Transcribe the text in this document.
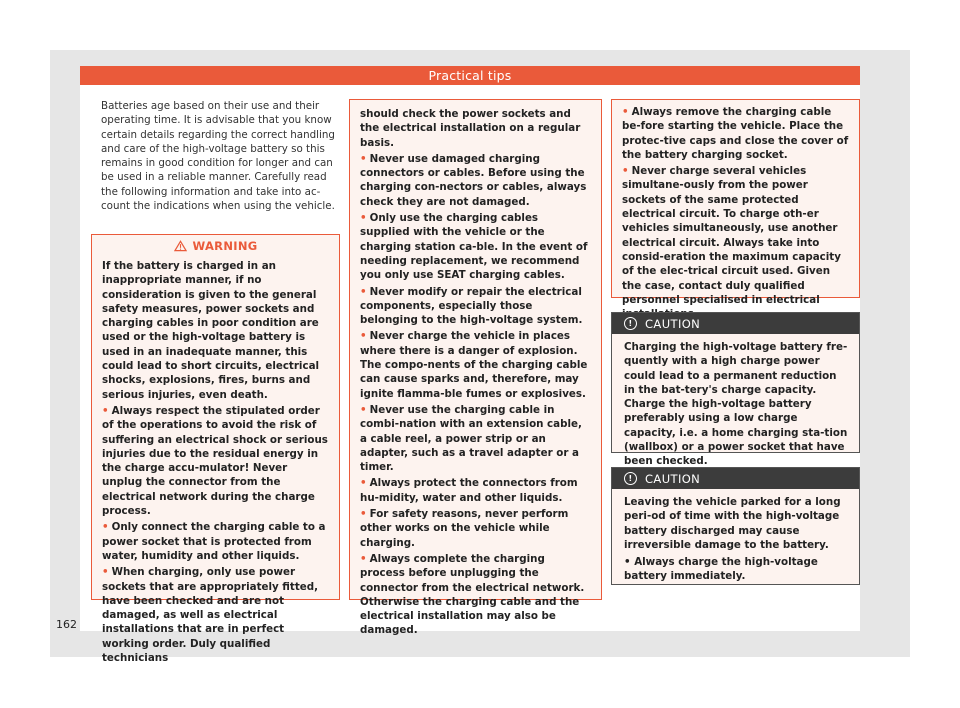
Practical tips
Batteries age based on their use and their operating time. It is advisable that you know certain details regarding the correct handling and care of the high-voltage battery so this remains in good condition for longer and can be used in a reliable manner. Carefully read the following information and take into ac-count the indications when using the vehicle.
WARNING

If the battery is charged in an inappropriate manner, if no consideration is given to the general safety measures, power sockets and charging cables in poor condition are used or the high-voltage battery is used in an inadequate manner, this could lead to short circuits, electrical shocks, explosions, fires, burns and serious injuries, even death.

• Always respect the stipulated order of the operations to avoid the risk of suffering an electrical shock or serious injuries due to the residual energy in the charge accu-mulator! Never unplug the connector from the electrical network during the charge process.

• Only connect the charging cable to a power socket that is protected from water, humidity and other liquids.

• When charging, only use power sockets that are appropriately fitted, have been checked and are not damaged, as well as electrical installations that are in perfect working order. Duly qualified technicians

should check the power sockets and the electrical installation on a regular basis.

• Never use damaged charging connectors or cables. Before using the charging con-nectors or cables, always check they are not damaged.

• Only use the charging cables supplied with the vehicle or the charging station ca-ble. In the event of needing replacement, we recommend you only use SEAT charging cables.

• Never modify or repair the electrical components, especially those belonging to the high-voltage system.

• Never charge the vehicle in places where there is a danger of explosion. The compo-nents of the charging cable can cause sparks and, therefore, may ignite flamma-ble fumes or explosives.

• Never use the charging cable in combi-nation with an extension cable, a cable reel, a power strip or an adapter, such as a travel adapter or a timer.

• Always protect the connectors from hu-midity, water and other liquids.

• For safety reasons, never perform other works on the vehicle while charging.

• Always complete the charging process before unplugging the connector from the electrical network. Otherwise the charging cable and the electrical installation may also be damaged.

• Always remove the charging cable be-fore starting the vehicle. Place the protec-tive caps and close the cover of the battery charging socket.

• Never charge several vehicles simultane-ously from the power sockets of the same protected electrical circuit. To charge oth-er vehicles simultaneously, use another electrical circuit. Always take into consid-eration the maximum capacity of the elec-trical circuit used. Given the case, contact duly qualified personnel specialised in electrical

!	CAUTION

Charging the high-voltage battery fre-quently with a high charge power could lead to a permanent reduction in the bat-tery's charge capacity. Charge the high-voltage battery preferably using a low charge capacity, i.e. a home charging sta-tion (wallbox) or a power socket that have been checked.

!	CAUTION

Leaving the vehicle parked for a long peri-od of time with the high-voltage battery discharged may cause irreversible damage to the battery.

• Always charge the high-voltage battery immediately.

162
